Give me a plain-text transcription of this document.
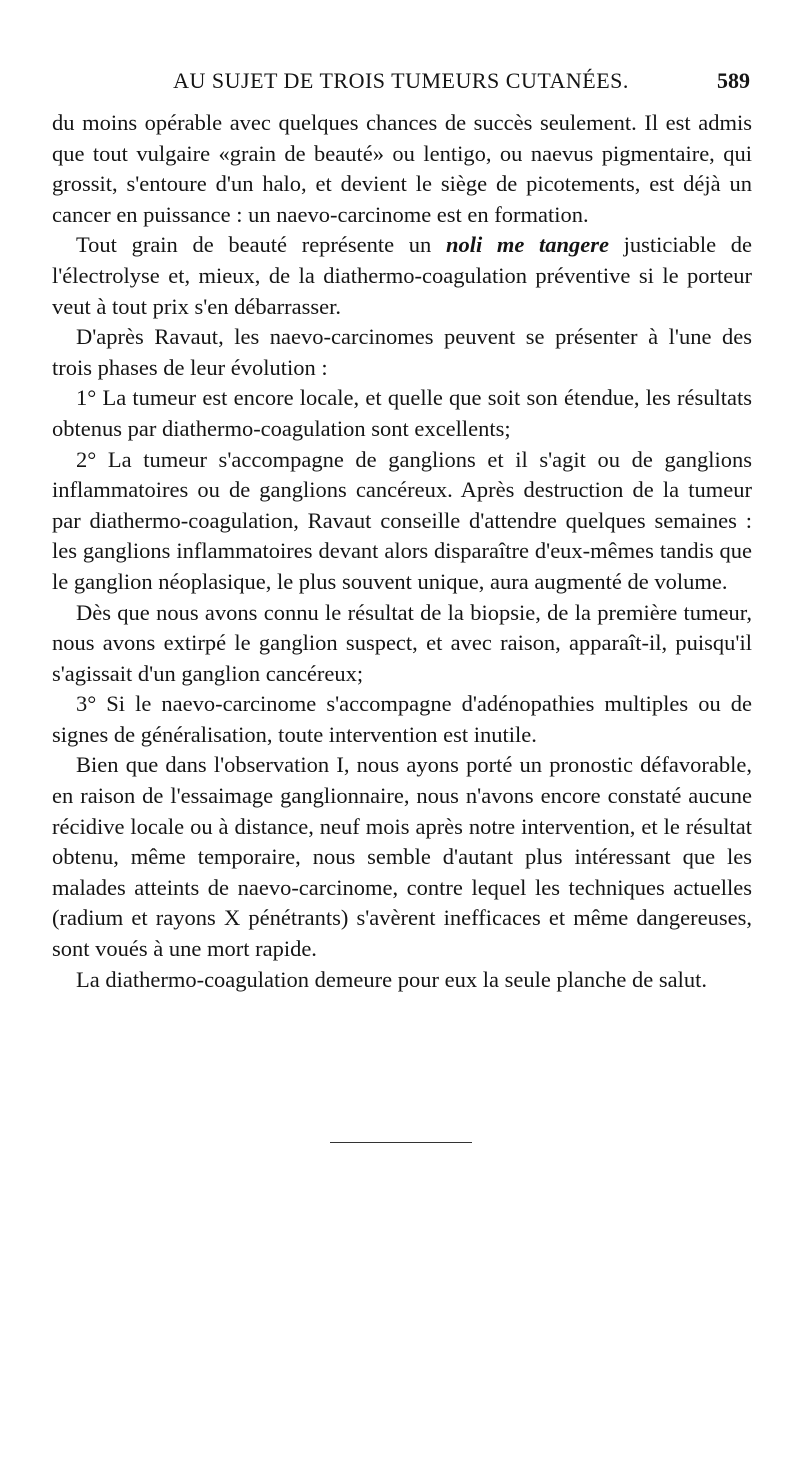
AU SUJET DE TROIS TUMEURS CUTANÉES.	589

du moins opérable avec quelques chances de succès seulement. Il est admis que tout vulgaire «grain de beauté» ou lentigo, ou naevus pigmentaire, qui grossit, s'entoure d'un halo, et devient le siège de picotements, est déjà un cancer en puissance : un naevo-carcinome est en formation.

Tout grain de beauté représente un noli me tangere justiciable de l'électrolyse et, mieux, de la diathermo-coagulation préventive si le porteur veut à tout prix s'en débarrasser.

D'après Ravaut, les naevo-carcinomes peuvent se présenter à l'une des trois phases de leur évolution :

1° La tumeur est encore locale, et quelle que soit son étendue, les résultats obtenus par diathermo-coagulation sont excellents;

2° La tumeur s'accompagne de ganglions et il s'agit ou de ganglions inflammatoires ou de ganglions cancéreux. Après destruction de la tumeur par diathermo-coagulation, Ravaut conseille d'attendre quelques semaines : les ganglions inflammatoires devant alors disparaître d'eux-mêmes tandis que le ganglion néoplasique, le plus souvent unique, aura augmenté de volume.

Dès que nous avons connu le résultat de la biopsie, de la première tumeur, nous avons extirpé le ganglion suspect, et avec raison, apparaît-il, puisqu'il s'agissait d'un ganglion cancéreux;

3° Si le naevo-carcinome s'accompagne d'adénopathies multiples ou de signes de généralisation, toute intervention est inutile.

Bien que dans l'observation I, nous ayons porté un pronostic défavorable, en raison de l'essaimage ganglionnaire, nous n'avons encore constaté aucune récidive locale ou à distance, neuf mois après notre intervention, et le résultat obtenu, même temporaire, nous semble d'autant plus intéressant que les malades atteints de naevo-carcinome, contre lequel les techniques actuelles (radium et rayons X pénétrants) s'avèrent inefficaces et même dangereuses, sont voués à une mort rapide.

La diathermo-coagulation demeure pour eux la seule planche de salut.
